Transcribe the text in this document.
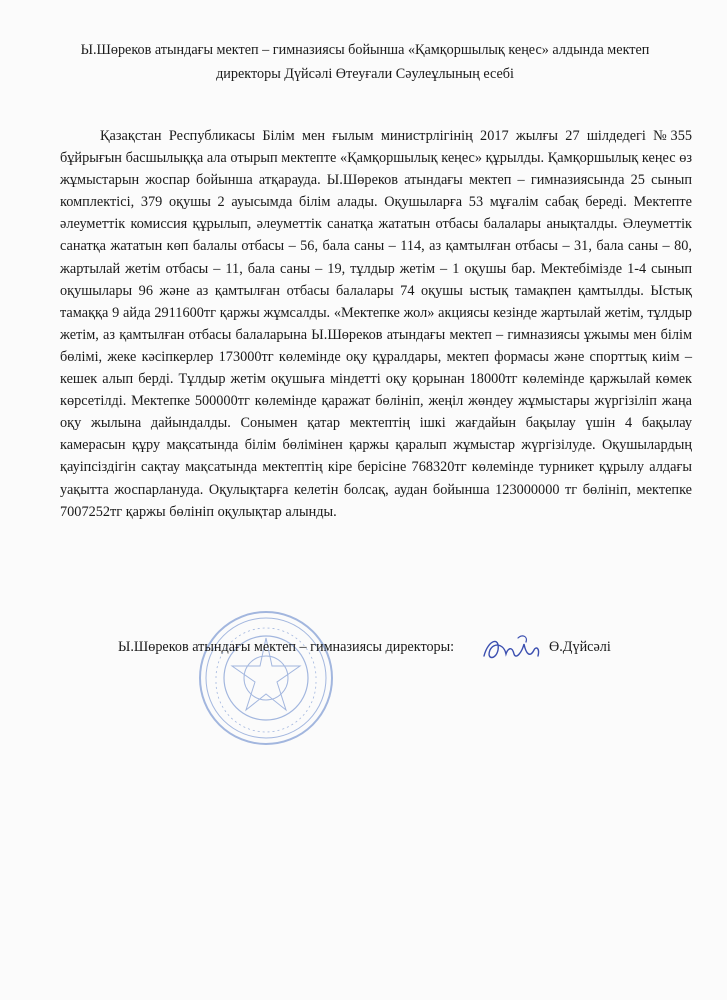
Ы.Шөреков атындағы мектеп – гимназиясы бойынша «Қамқоршылық кеңес» алдында мектеп
директоры Дүйсәлі Өтеуғали Сәулеұлының есебі

Қазақстан Республикасы Білім мен ғылым министрлігінің 2017 жылғы 27 шілдедегі №355 бұйрығын басшылыққа ала отырып мектепте «Қамқоршылық кеңес» құрылды. Қамқоршылық кеңес өз жұмыстарын жоспар бойынша атқарауда. Ы.Шөреков атындағы мектеп – гимназиясында 25 сынып комплектісі, 379 оқушы 2 ауысымда білім алады. Оқушыларға 53 мұғалім сабақ береді. Мектепте әлеуметтік комиссия құрылып, әлеуметтік санатқа жататын отбасы балалары анықталды. Әлеуметтік санатқа жататын көп балалы отбасы – 56, бала саны – 114, аз қамтылған отбасы – 31, бала саны – 80, жартылай жетім отбасы – 11, бала саны – 19, тұлдыр жетім – 1 оқушы бар. Мектебімізде 1-4 сынып оқушылары 96 және аз қамтылған отбасы балалары 74 оқушы ыстық тамақпен қамтылды. Ыстық тамаққа 9 айда 2911600тг қаржы жұмсалды. «Мектепке жол» акциясы кезінде жартылай жетім, тұлдыр жетім, аз қамтылған отбасы балаларына Ы.Шөреков атындағы мектеп – гимназиясы ұжымы мен білім бөлімі, жеке кәсіпкерлер 173000тг көлемінде оқу құралдары, мектеп формасы және спорттық киім –кешек алып берді. Тұлдыр жетім оқушыға міндетті оқу қорынан 18000тг көлемінде қаржылай көмек көрсетілді. Мектепке 500000тг көлемінде қаражат бөлініп, жеңіл жөндеу жұмыстары жүргізіліп жаңа оқу жылына дайындалды. Сонымен қатар мектептің ішкі жағдайын бақылау үшін 4 бақылау камерасын құру мақсатында білім бөлімінен қаржы қаралып жұмыстар жүргізілуде. Оқушылардың қауіпсіздігін сақтау мақсатында мектептің кіре берісіне 768320тг көлемінде турникет құрылу алдағы уақытта жоспарлануда. Оқулықтарға келетін болсақ, аудан бойынша 123000000 тг бөлініп, мектепке 7007252тг қаржы бөлініп оқулықтар алынды.

Ы.Шөреков атындағы мектеп – гимназиясы директоры:	Ө.Дүйсәлі
